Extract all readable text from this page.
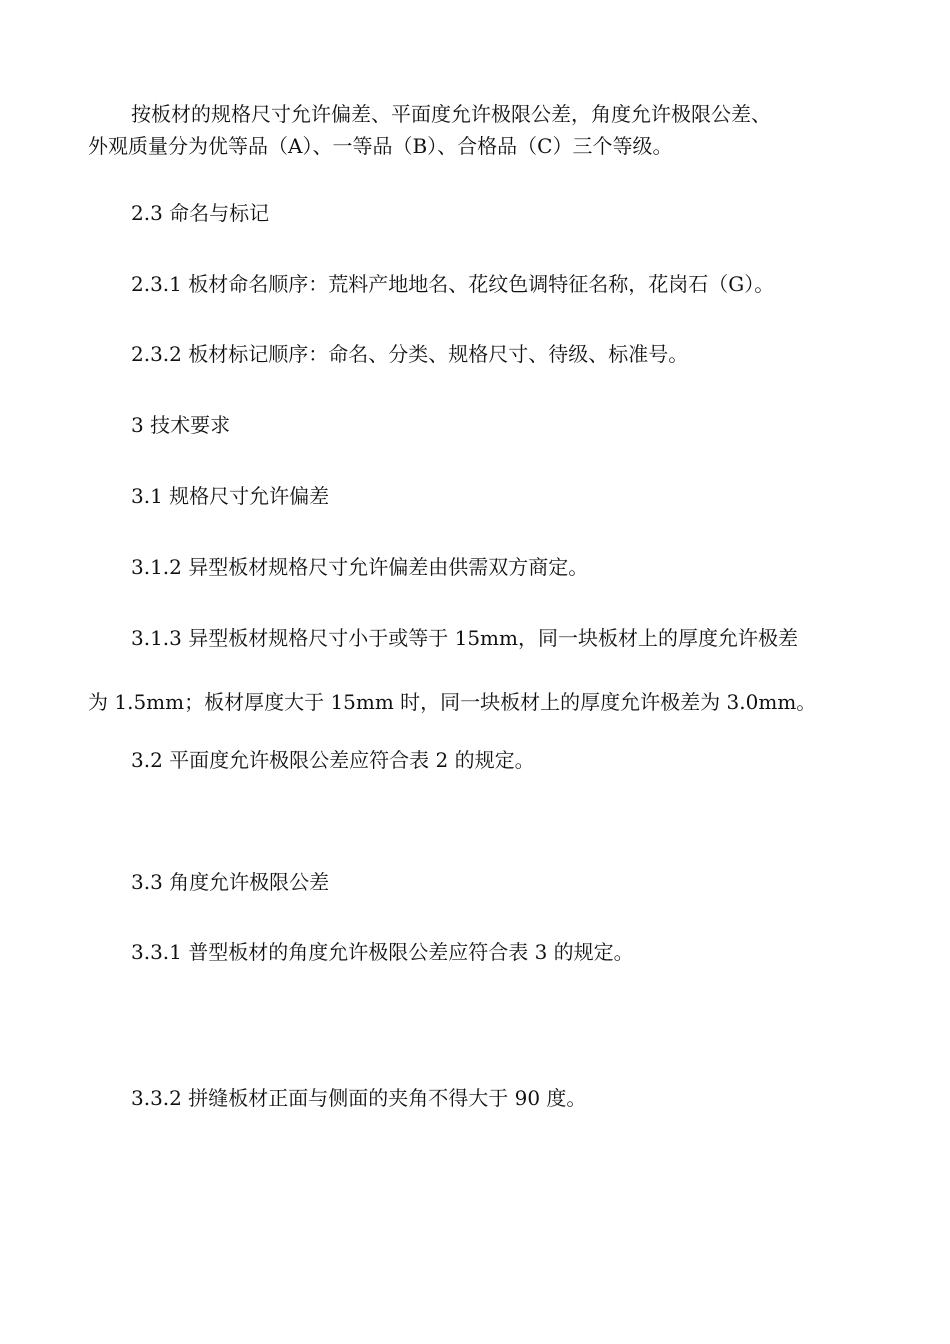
按板材的规格尺寸允许偏差、平面度允许极限公差，角度允许极限公差、
外观质量分为优等品（A）、一等品（B）、合格品（C）三个等级。
2.3 命名与标记
2.3.1 板材命名顺序：荒料产地地名、花纹色调特征名称，花岗石（G）。
2.3.2 板材标记顺序：命名、分类、规格尺寸、待级、标准号。
3 技术要求
3.1 规格尺寸允许偏差
3.1.2 异型板材规格尺寸允许偏差由供需双方商定。
3.1.3 异型板材规格尺寸小于或等于 15mm，同一块板材上的厚度允许极差
为 1.5mm；板材厚度大于 15mm 时，同一块板材上的厚度允许极差为 3.0mm。
3.2 平面度允许极限公差应符合表 2 的规定。
3.3 角度允许极限公差
3.3.1 普型板材的角度允许极限公差应符合表 3 的规定。
3.3.2 拼缝板材正面与侧面的夹角不得大于 90 度。
